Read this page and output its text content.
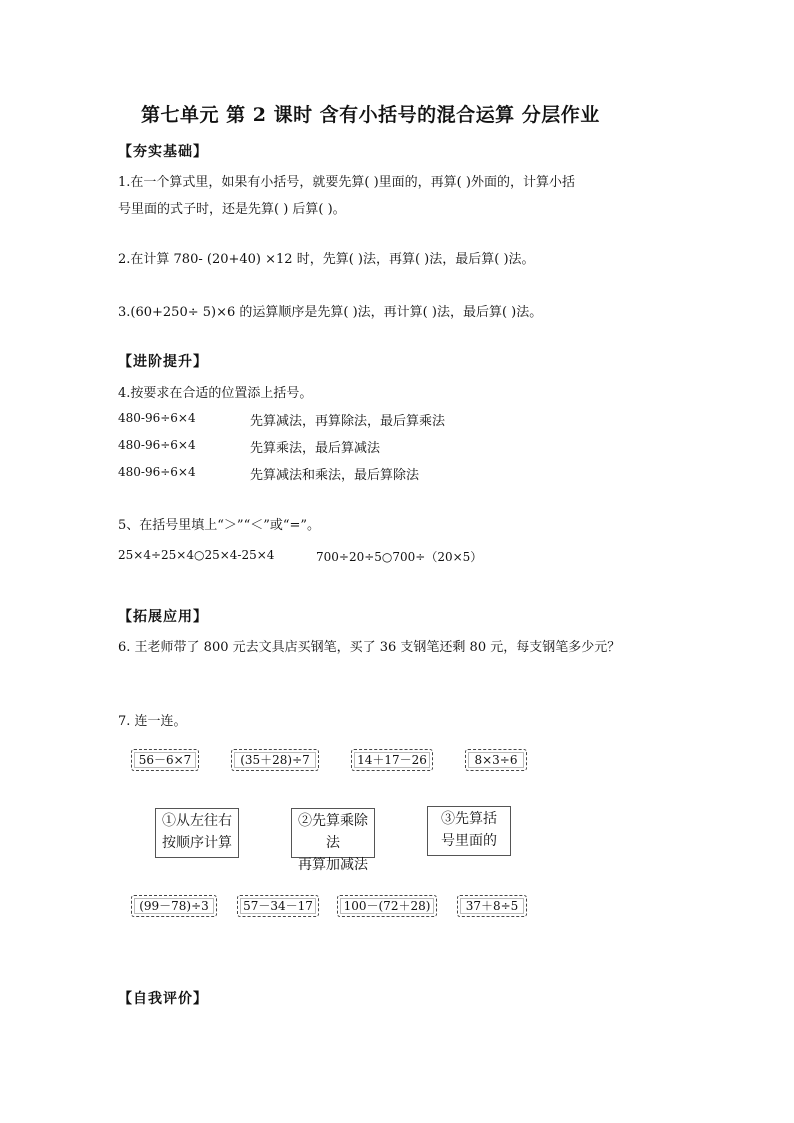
第七单元 第 2 课时 含有小括号的混合运算 分层作业
【夯实基础】
1.在一个算式里，如果有小括号，就要先算( )里面的，再算( )外面的，计算小括
号里面的式子时，还是先算( ) 后算( )。
2.在计算 780- (20+40) ×12 时，先算( )法，再算( )法，最后算( )法。
3.(60+250÷ 5)×6 的运算顺序是先算( )法，再计算( )法，最后算( )法。
【进阶提升】
4.按要求在合适的位置添上括号。
480-96÷6×4	先算减法，再算除法，最后算乘法
480-96÷6×4	先算乘法，最后算减法
480-96÷6×4	先算减法和乘法，最后算除法
5、在括号里填上“＞”“＜”或“=”。
25×4÷25×4○25×4-25×4	700÷20÷5○700÷（20×5）
【拓展应用】
6. 王老师带了 800 元去文具店买钢笔，买了 36 支钢笔还剩 80 元，每支钢笔多少元？
7. 连一连。
56－6×7	(35＋28)÷7	14＋17－26	8×3÷6
①从左往右
按顺序计算
②先算乘除法
再算加减法
③先算括
号里面的
(99－78)÷3	57－34－17	100－(72＋28)	37＋8÷5
【自我评价】
